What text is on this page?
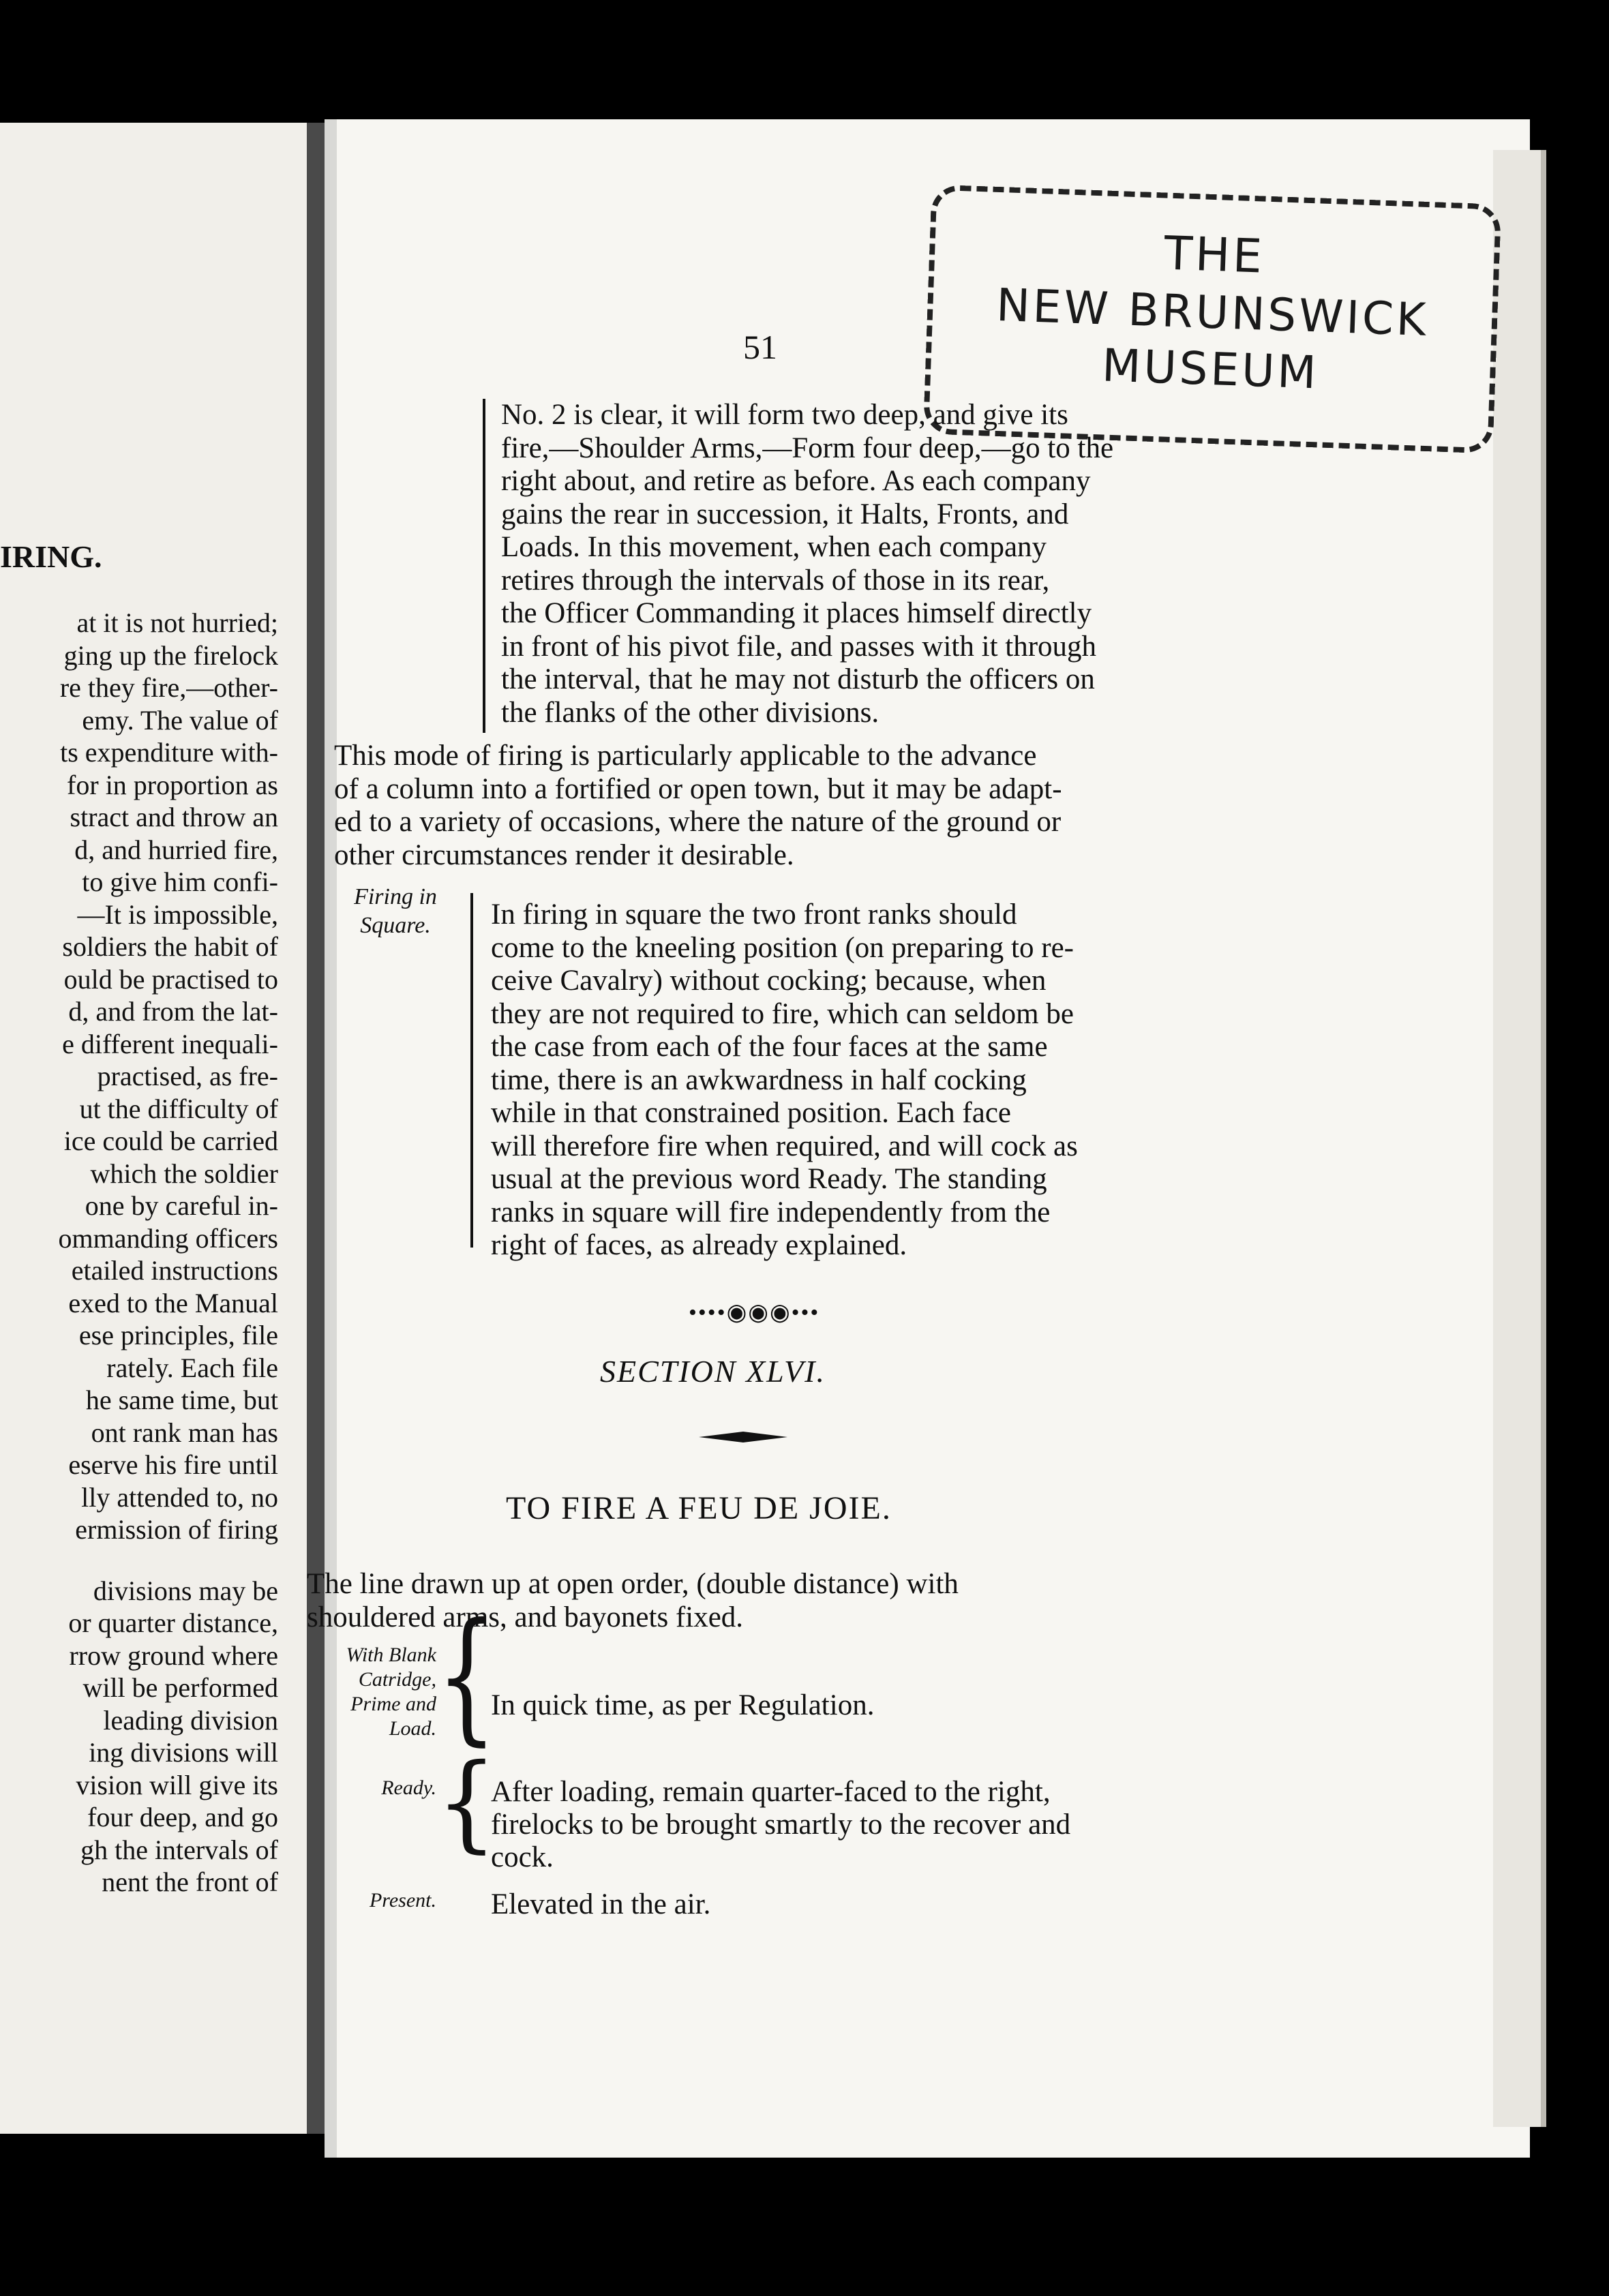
IRING.
at it is not hurried;
ging up the firelock
re they fire,—other-
emy. The value of
ts expenditure with-
for in proportion as
stract and throw an
d, and hurried fire,
to give him confi-
—It is impossible,
soldiers the habit of
ould be practised to
d, and from the lat-
e different inequali-
practised, as fre-
ut the difficulty of
ice could be carried
which the soldier
one by careful in-
ommanding officers
etailed instructions
exed to the Manual
ese principles, file
rately. Each file
he same time, but
ont rank man has
eserve his fire until
lly attended to, no
ermission of firing
divisions may be
or quarter distance,
rrow ground where
will be performed
leading division
ing divisions will
vision will give its
four deep, and go
gh the intervals of
nent the front of
THE
NEW BRUNSWICK
MUSEUM
51
No. 2 is clear, it will form two deep, and give its
fire,—Shoulder Arms,—Form four deep,—go to the
right about, and retire as before. As each company
gains the rear in succession, it Halts, Fronts, and
Loads. In this movement, when each company
retires through the intervals of those in its rear,
the Officer Commanding it places himself directly
in front of his pivot file, and passes with it through
the interval, that he may not disturb the officers on
the flanks of the other divisions.
This mode of firing is particularly applicable to the advance
of a column into a fortified or open town, but it may be adapt-
ed to a variety of occasions, where the nature of the ground or
other circumstances render it desirable.
Firing in
Square.	In firing in square the two front ranks should
come to the kneeling position (on preparing to re-
ceive Cavalry) without cocking; because, when
they are not required to fire, which can seldom be
the case from each of the four faces at the same
time, there is an awkwardness in half cocking
while in that constrained position. Each face
will therefore fire when required, and will cock as
usual at the previous word Ready. The standing
ranks in square will fire independently from the
right of faces, as already explained.
••••◉◉◉•••
SECTION XLVI.
TO FIRE A FEU DE JOIE.
The line drawn up at open order, (double distance) with
shouldered arms, and bayonets fixed.
With Blank
Catridge,
Prime and
Load. {
In quick time, as per Regulation.
Ready. {
After loading, remain quarter-faced to the right,
firelocks to be brought smartly to the recover and
cock.
Present. Elevated in the air.
